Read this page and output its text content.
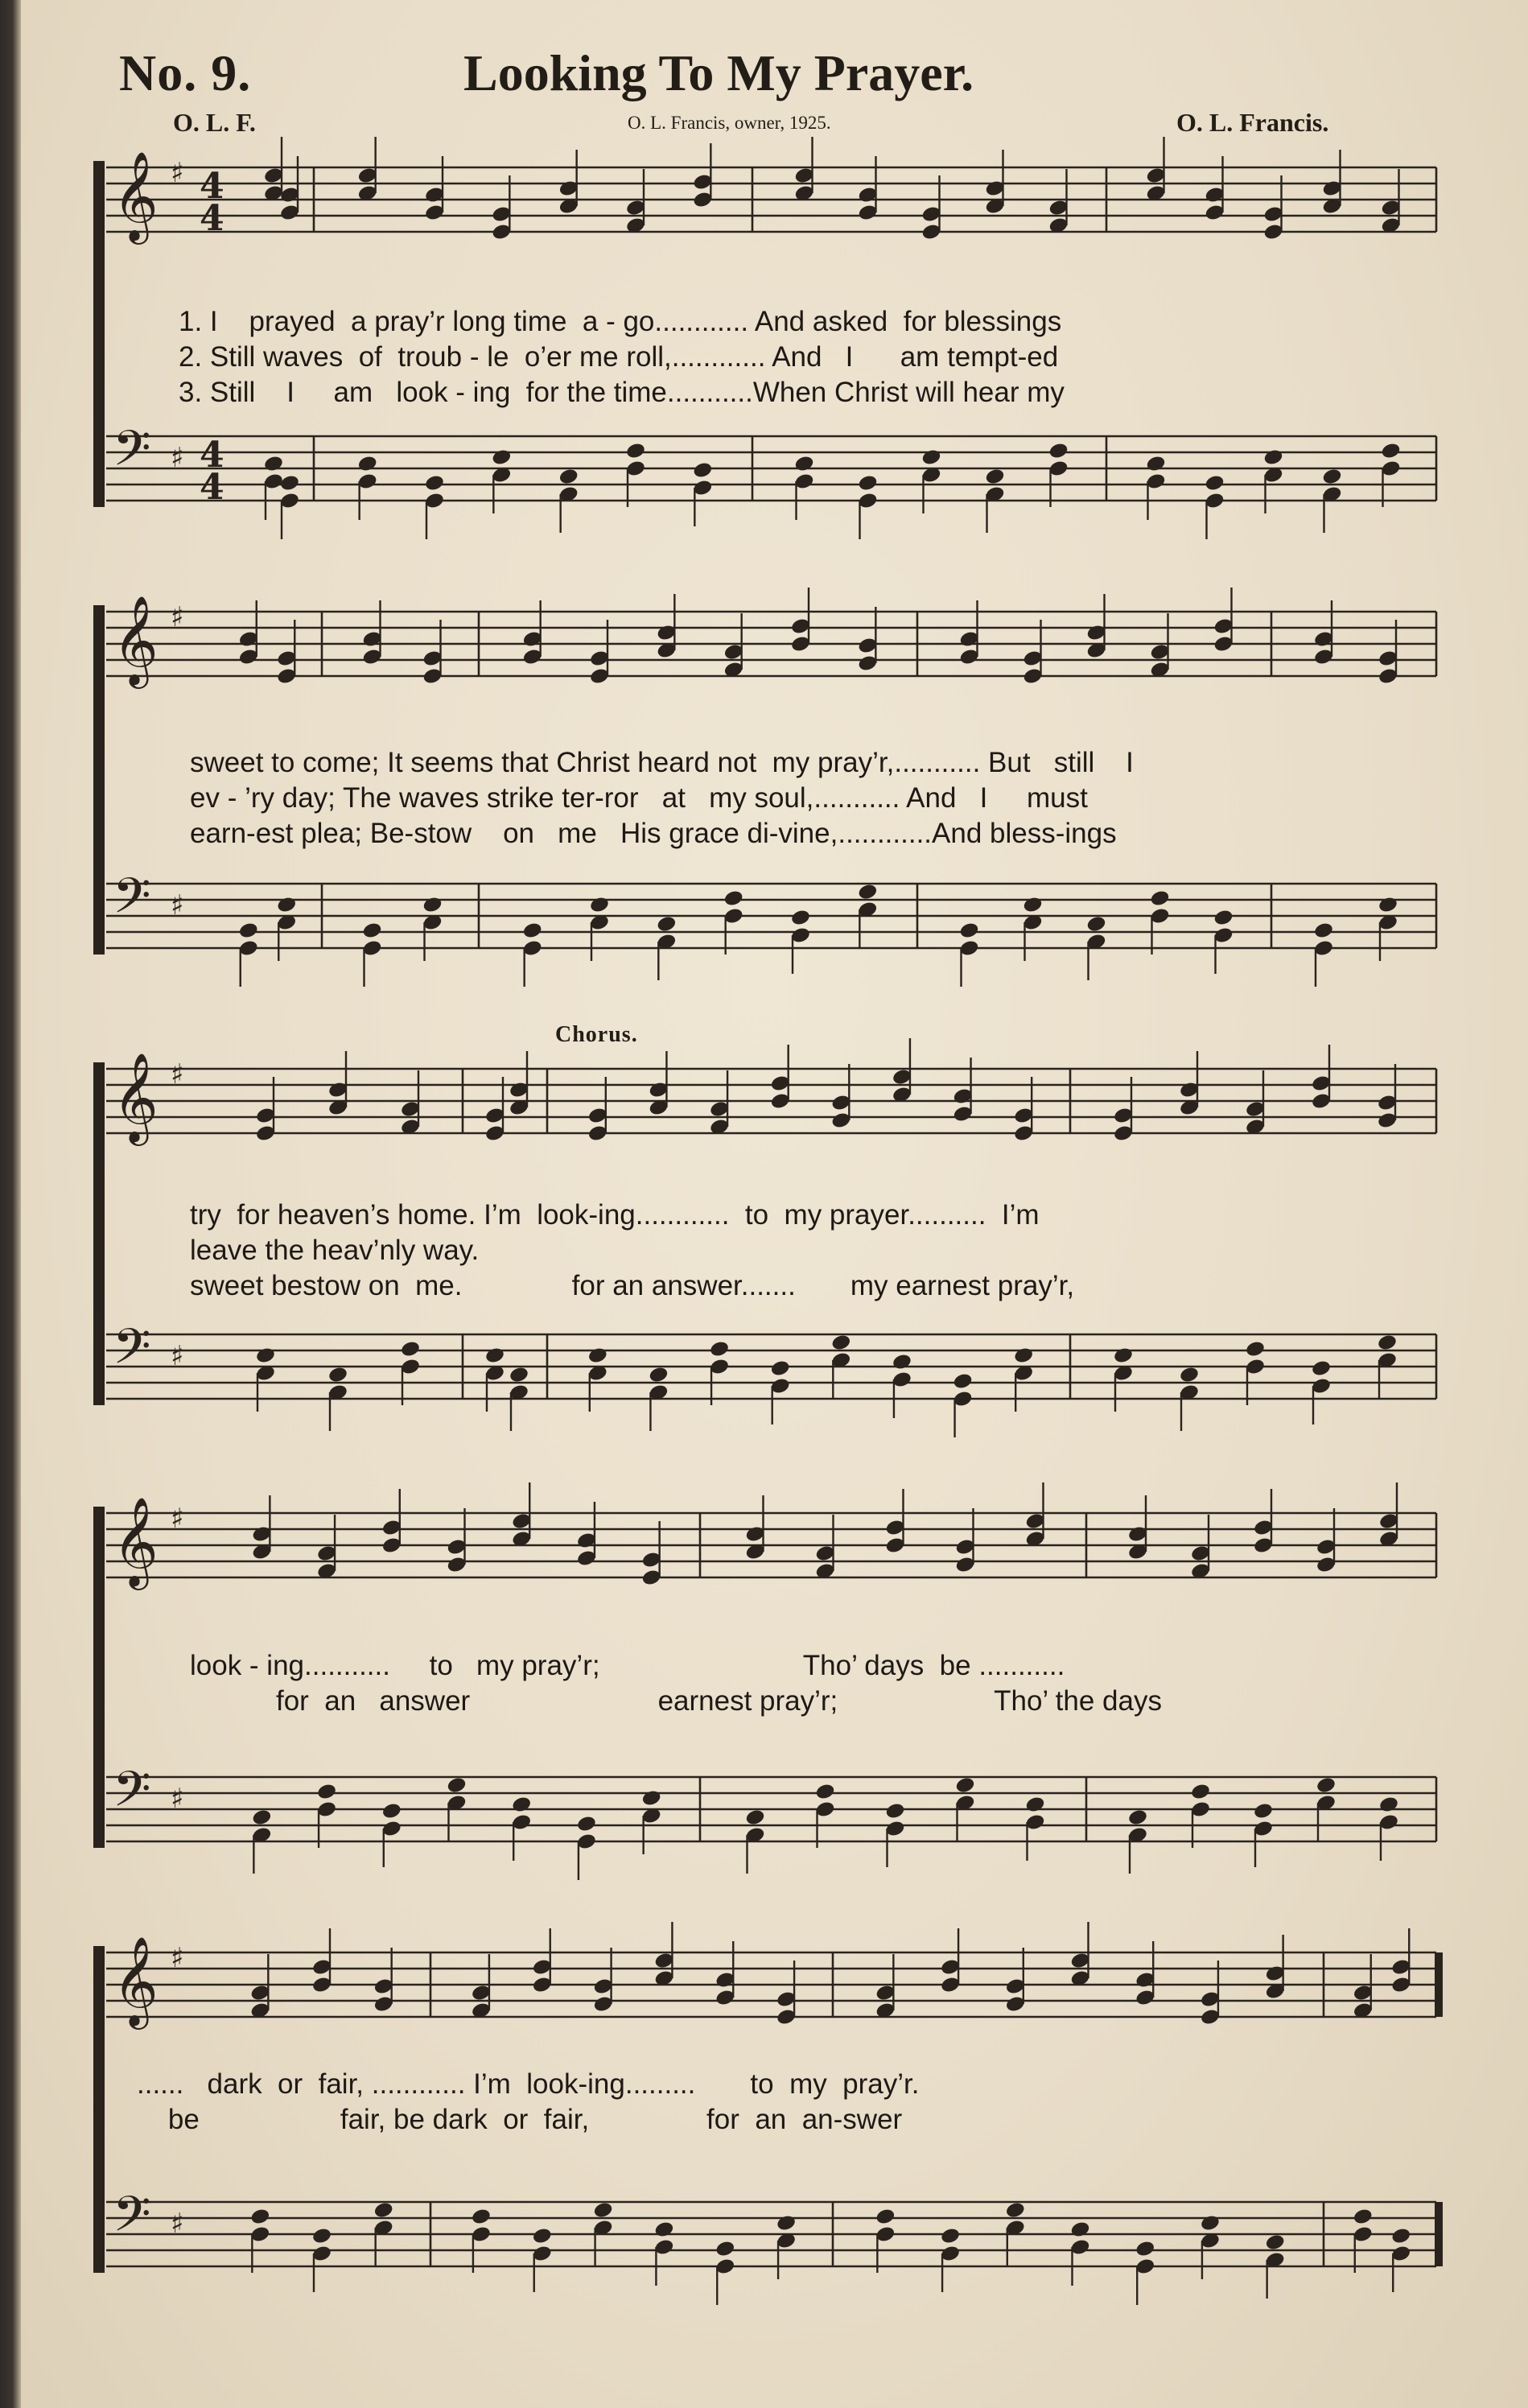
No. 9.	Looking To My Prayer.
O. L. F.	O. L. Francis, owner, 1925.	O. L. Francis.
Chorus.
𝄞 ♯ 4
4
𝄢 ♯ 4
4
𝄞 ♯
𝄢 ♯
𝄞 ♯
𝄢 ♯
𝄞 ♯
𝄢 ♯
𝄞 ♯
𝄢 ♯
1. I    prayed  a pray’r long time  a - go............ And asked  for blessings
2. Still waves  of  troub - le  o’er me roll,............ And   I      am tempt-ed
3. Still    I     am   look - ing  for the time...........When Christ will hear my
sweet to come; It seems that Christ heard not  my pray’r,........... But   still    I
ev - ’ry day; The waves strike ter-ror   at   my soul,........... And   I     must
earn-est plea; Be-stow    on   me   His grace di-vine,............And bless-ings
try  for heaven’s home. I’m  look-ing............  to  my prayer..........  I’m
leave the heav’nly way.
sweet bestow on  me.              for an answer.......       my earnest pray’r,
look - ing...........     to   my pray’r;                          Tho’ days  be ...........
for  an   answer                        earnest pray’r;                    Tho’ the days
......   dark  or  fair, ............ I’m  look-ing.........       to  my  pray’r.
be                  fair, be dark  or  fair,               for  an  an-swer
